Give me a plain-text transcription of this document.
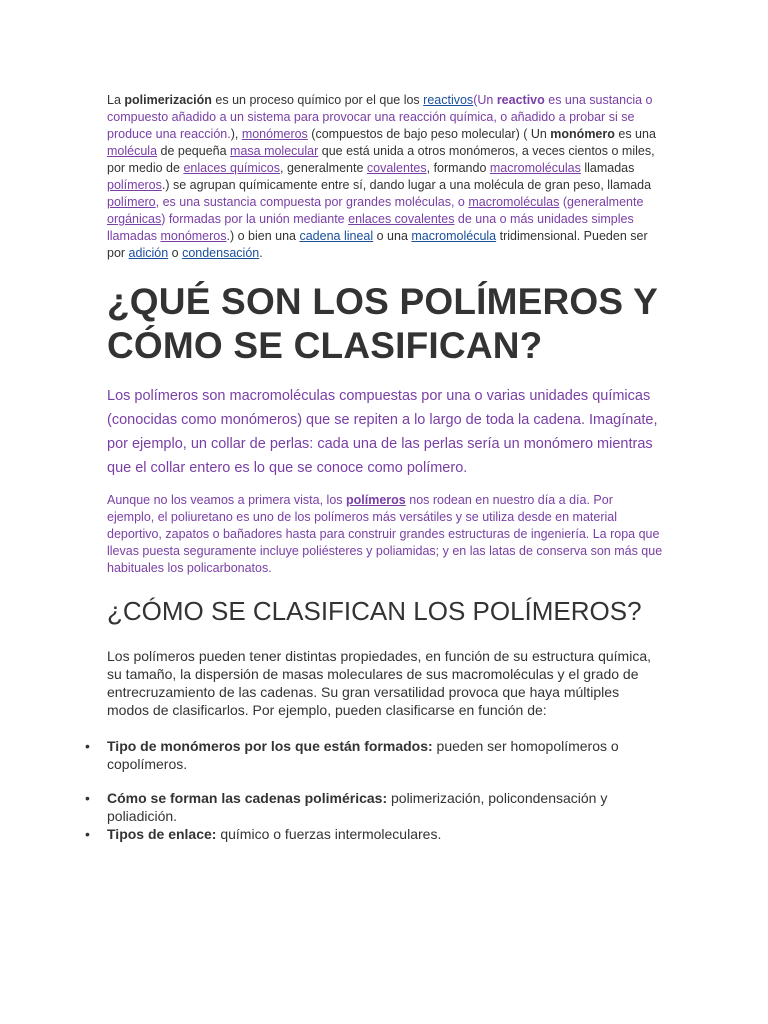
La polimerización es un proceso químico por el que los reactivos(Un reactivo es una sustancia o compuesto añadido a un sistema para provocar una reacción química, o añadido a probar si se produce una reacción.), monómeros (compuestos de bajo peso molecular) ( Un monómero es una molécula de pequeña masa molecular que está unida a otros monómeros, a veces cientos o miles, por medio de enlaces químicos, generalmente covalentes, formando macromoléculas llamadas polímeros.) se agrupan químicamente entre sí, dando lugar a una molécula de gran peso, llamada polímero, es una sustancia compuesta por grandes moléculas, o macromoléculas (generalmente orgánicas) formadas por la unión mediante enlaces covalentes de una o más unidades simples llamadas monómeros.) o bien una cadena lineal o una macromolécula tridimensional. Pueden ser por adición o condensación.

¿QUÉ SON LOS POLÍMEROS Y CÓMO SE CLASIFICAN?

Los polímeros son macromoléculas compuestas por una o varias unidades químicas (conocidas como monómeros) que se repiten a lo largo de toda la cadena. Imagínate, por ejemplo, un collar de perlas: cada una de las perlas sería un monómero mientras que el collar entero es lo que se conoce como polímero.

Aunque no los veamos a primera vista, los polímeros nos rodean en nuestro día a día. Por ejemplo, el poliuretano es uno de los polímeros más versátiles y se utiliza desde en material deportivo, zapatos o bañadores hasta para construir grandes estructuras de ingeniería. La ropa que llevas puesta seguramente incluye poliésteres y poliamidas; y en las latas de conserva son más que habituales los policarbonatos.

¿CÓMO SE CLASIFICAN LOS POLÍMEROS?

Los polímeros pueden tener distintas propiedades, en función de su estructura química, su tamaño, la dispersión de masas moleculares de sus macromoléculas y el grado de entrecruzamiento de las cadenas. Su gran versatilidad provoca que haya múltiples modos de clasificarlos. Por ejemplo, pueden clasificarse en función de:

• Tipo de monómeros por los que están formados: pueden ser homopolímeros o copolímeros.
• Cómo se forman las cadenas poliméricas: polimerización, policondensación y poliadición.
• Tipos de enlace: químico o fuerzas intermoleculares.
